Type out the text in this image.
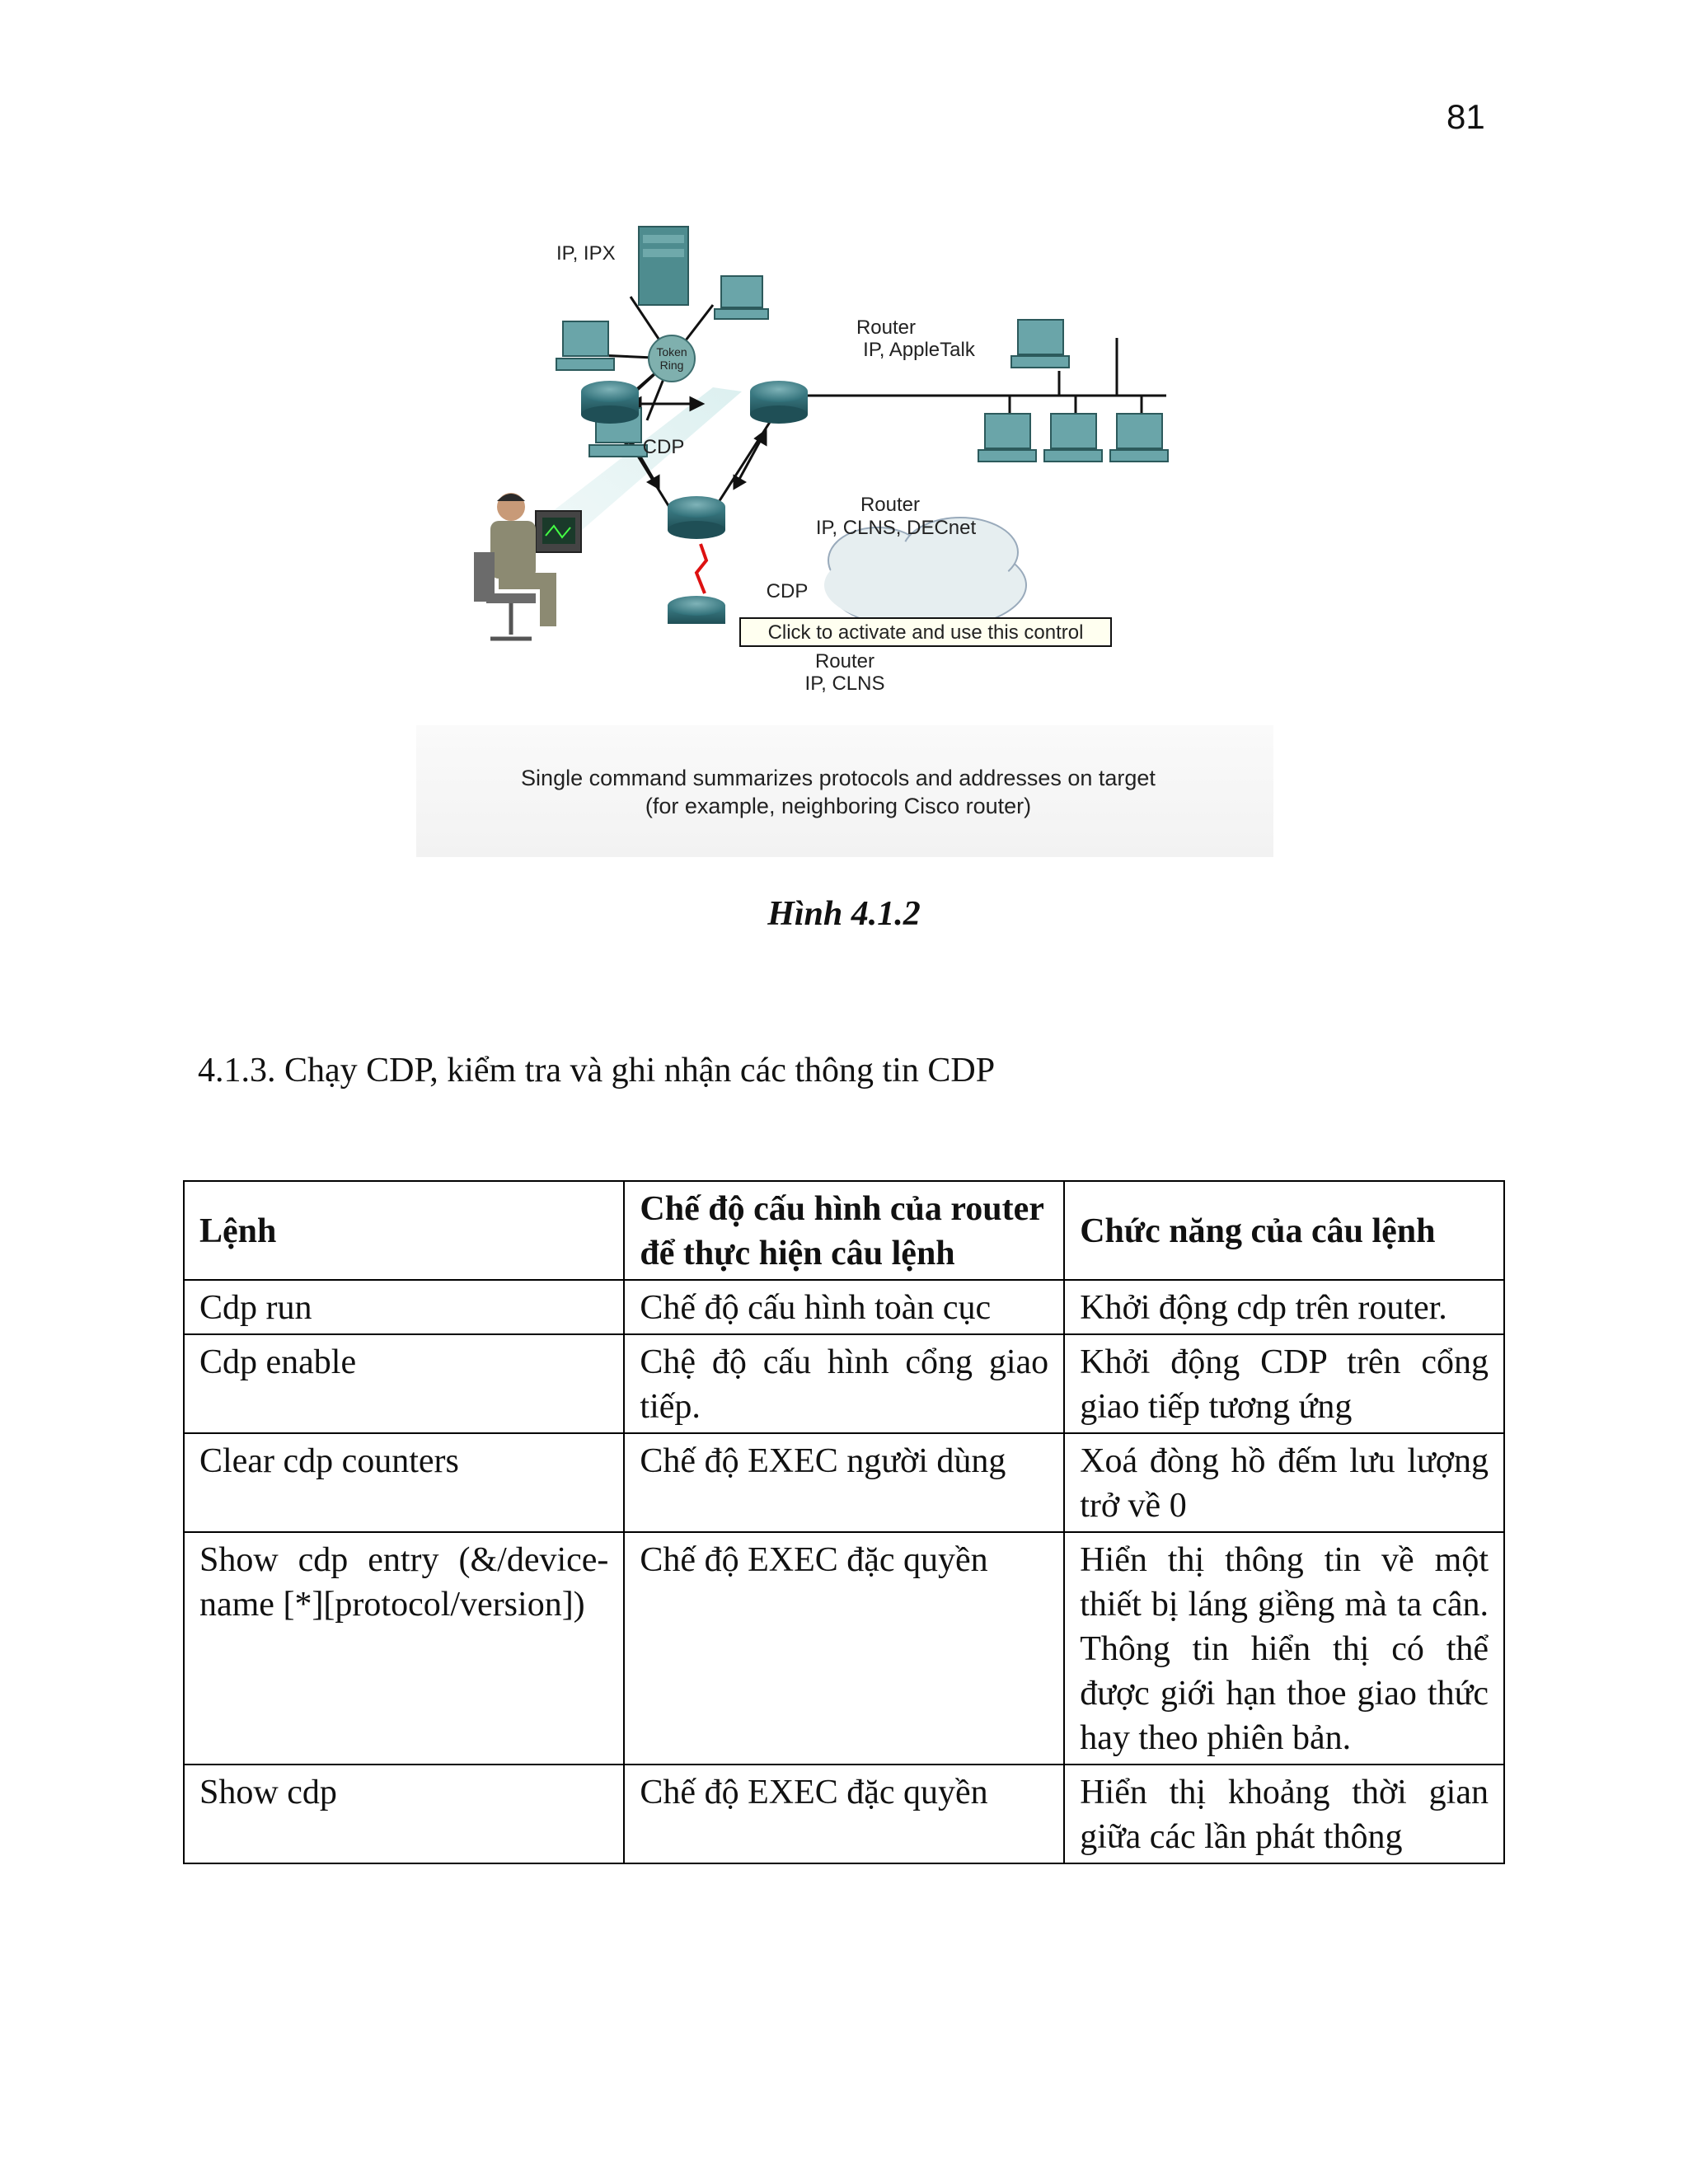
81
Token
Ring
IP, IPX
Router
IP, AppleTalk
CDP
Router
IP, CLNS, DECnet
CDP
Click to activate and use this control
Router
IP, CLNS
Single command summarizes protocols and addresses on target
(for example, neighboring Cisco router)
Hình 4.1.2
4.1.3. Chạy CDP, kiểm tra và ghi nhận các thông tin CDP
Lệnh	Chế độ cấu hình của router để thực hiện câu lệnh	Chức năng của câu lệnh
Cdp run	Chế độ cấu hình toàn cục	Khởi động cdp trên router.
Cdp enable	Chệ độ cấu hình cổng giao tiếp.	Khởi động CDP trên cổng giao tiếp tương ứng
Clear cdp counters	Chế độ EXEC người dùng	Xoá đòng hồ đếm lưu lượng trở về 0
Show cdp entry (&/device-name [*][protocol/version])	Chế độ EXEC đặc quyền	Hiển thị thông tin về một thiết bị láng giềng mà ta cân. Thông tin hiển thị có thể được giới hạn thoe giao thức hay theo phiên bản.
Show cdp	Chế độ EXEC đặc quyền	Hiển thị khoảng thời gian giữa các lần phát thông
